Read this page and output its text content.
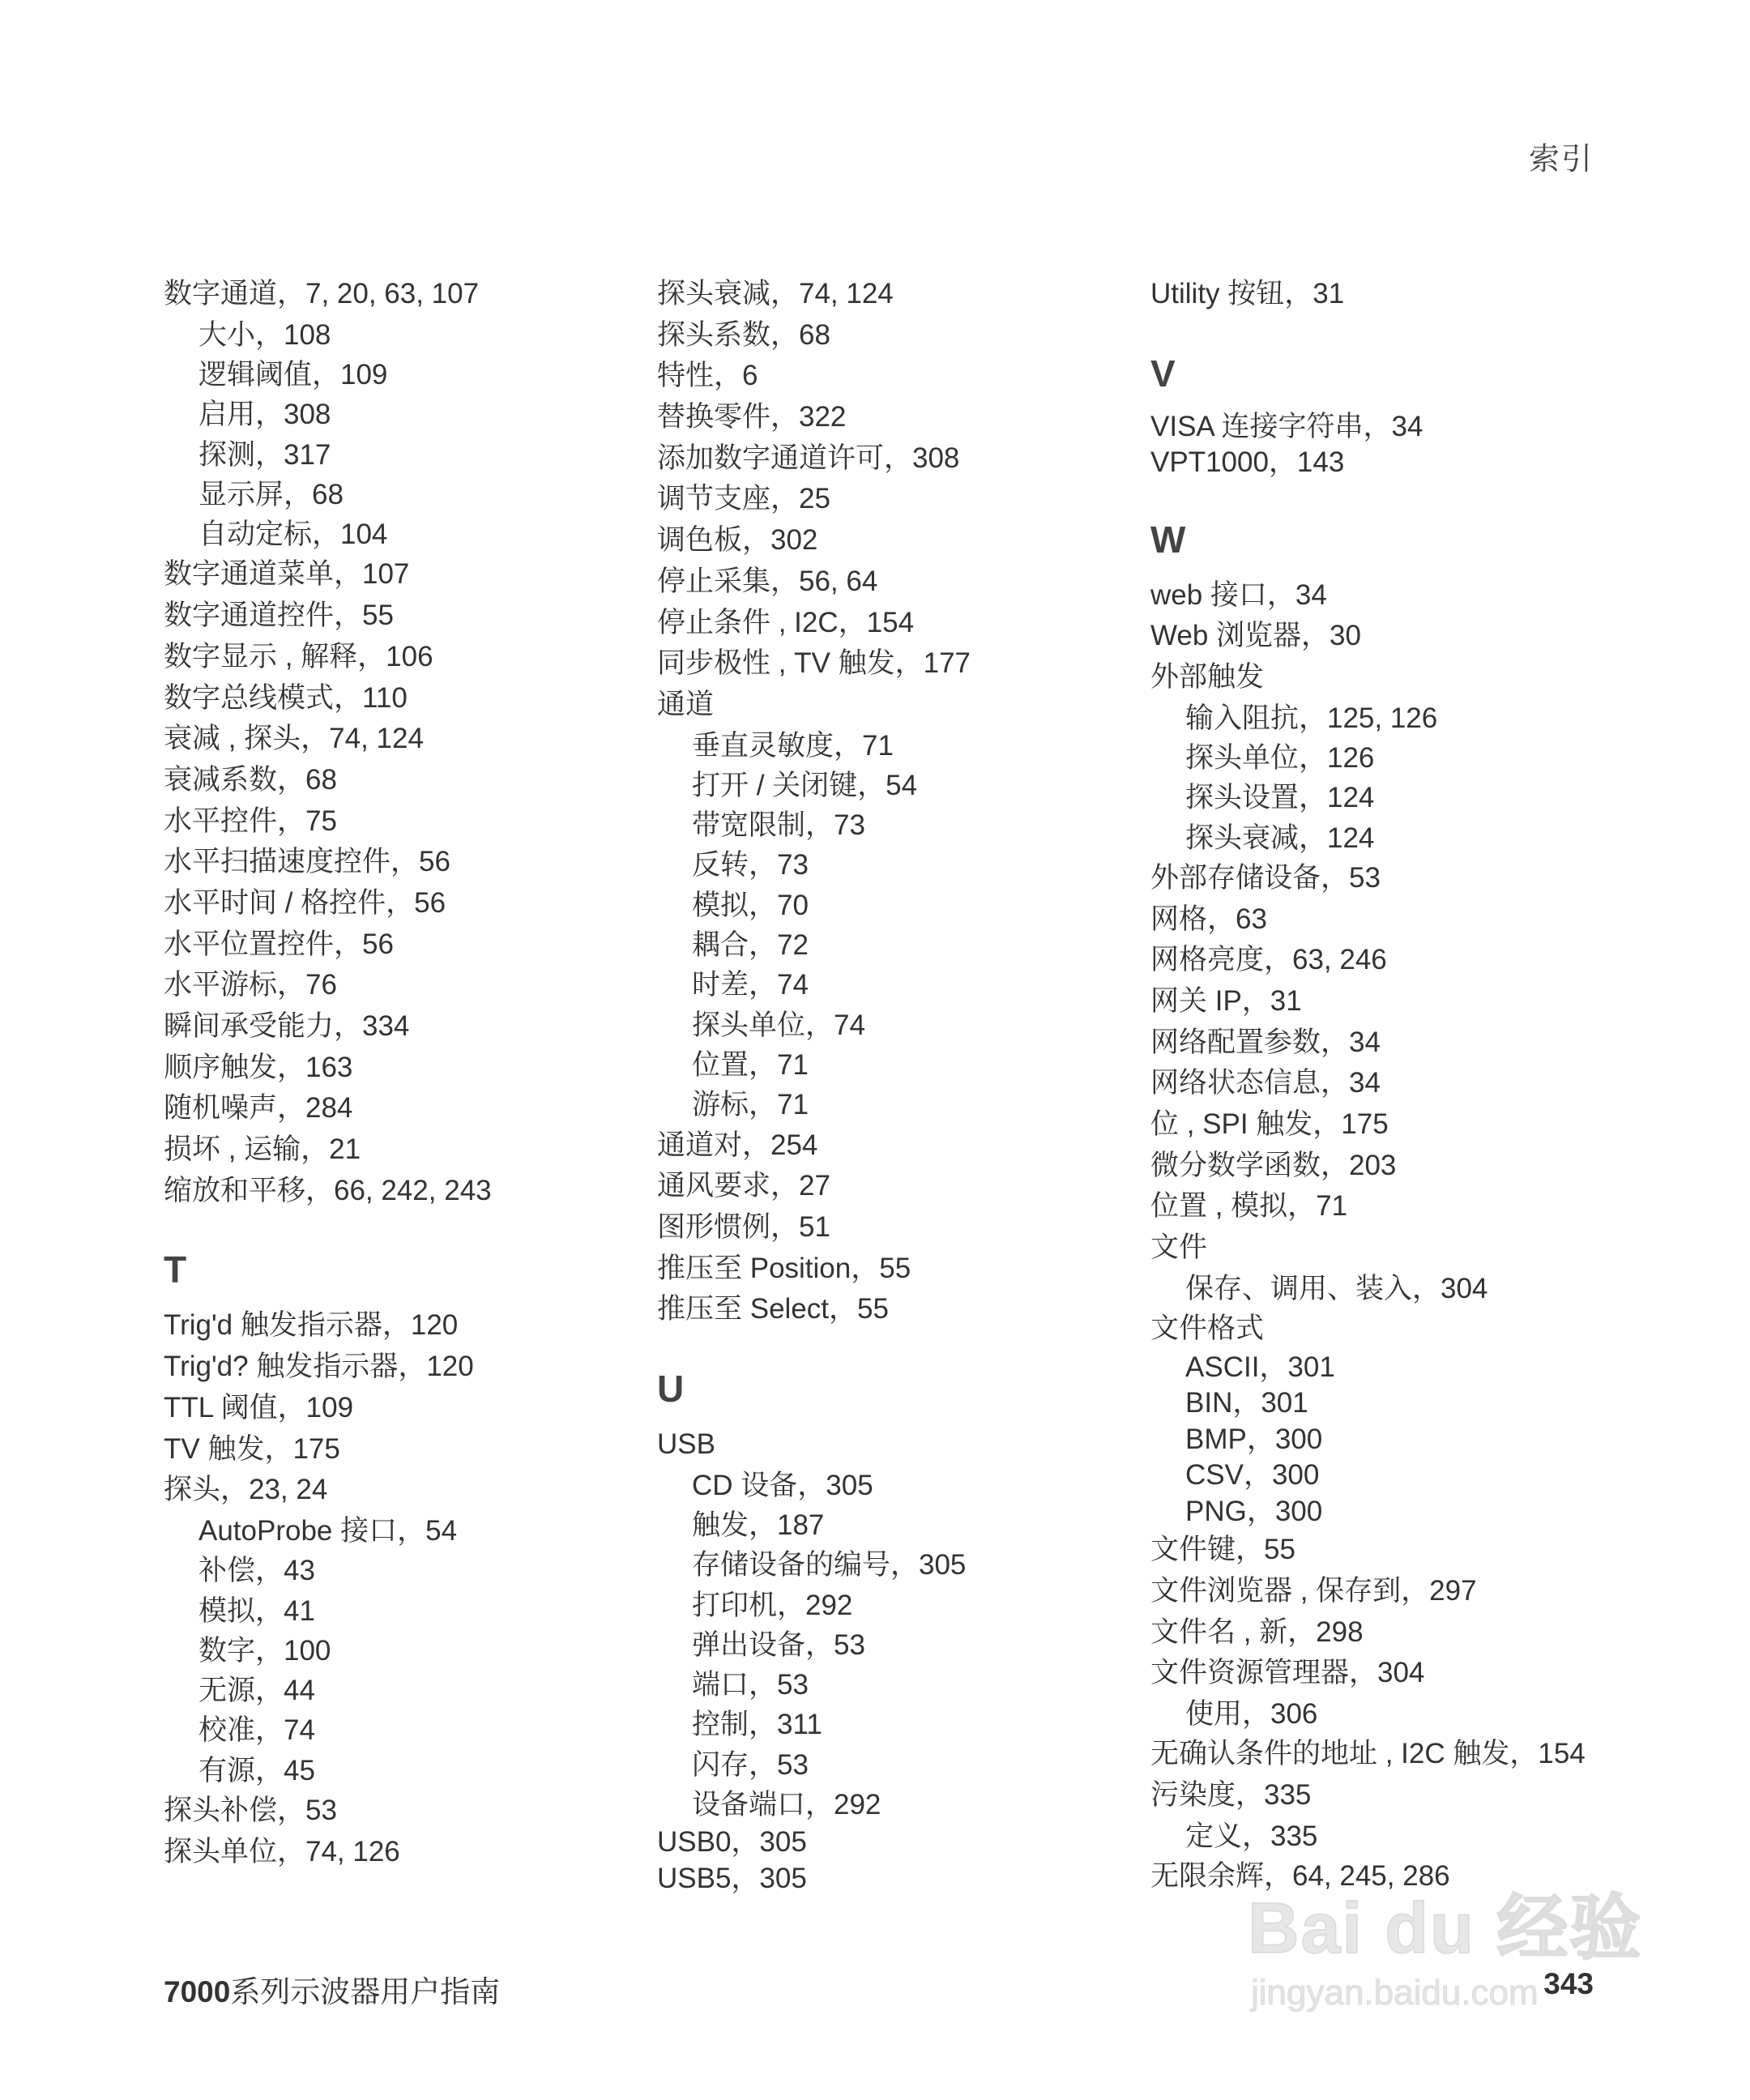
索引
数字通道，7, 20, 63, 107
大小，108
逻辑阈值，109
启用，308
探测，317
显示屏，68
自动定标，104
数字通道菜单，107
数字通道控件，55
数字显示 , 解释，106
数字总线模式，110
衰减 , 探头，74, 124
衰减系数，68
水平控件，75
水平扫描速度控件，56
水平时间 / 格控件，56
水平位置控件，56
水平游标，76
瞬间承受能力，334
顺序触发，163
随机噪声，284
损坏 , 运输，21
缩放和平移，66, 242, 243
T
Trig'd 触发指示器，120
Trig'd? 触发指示器，120
TTL 阈值，109
TV 触发，175
探头，23, 24
AutoProbe 接口，54
补偿，43
模拟，41
数字，100
无源，44
校准，74
有源，45
探头补偿，53
探头单位，74, 126
探头衰减，74, 124
探头系数，68
特性，6
替换零件，322
添加数字通道许可，308
调节支座，25
调色板，302
停止采集，56, 64
停止条件 , I2C，154
同步极性 , TV 触发，177
通道
垂直灵敏度，71
打开 / 关闭键，54
带宽限制，73
反转，73
模拟，70
耦合，72
时差，74
探头单位，74
位置，71
游标，71
通道对，254
通风要求，27
图形惯例，51
推压至 Position，55
推压至 Select，55
U
USB
CD 设备，305
触发，187
存储设备的编号，305
打印机，292
弹出设备，53
端口，53
控制，311
闪存，53
设备端口，292
USB0，305
USB5，305
Utility 按钮，31
V
VISA 连接字符串，34
VPT1000，143
W
web 接口，34
Web 浏览器，30
外部触发
输入阻抗，125, 126
探头单位，126
探头设置，124
探头衰减，124
外部存储设备，53
网格，63
网格亮度，63, 246
网关 IP，31
网络配置参数，34
网络状态信息，34
位 , SPI 触发，175
微分数学函数，203
位置 , 模拟，71
文件
保存、调用、装入，304
文件格式
ASCII，301
BIN，301
BMP，300
CSV，300
PNG，300
文件键，55
文件浏览器 , 保存到，297
文件名 , 新，298
文件资源管理器，304
使用，306
无确认条件的地址 , I2C 触发，154
污染度，335
定义，335
无限余辉，64, 245, 286
7000系列示波器用户指南	343
Bai du 经验
jingyan.baidu.com
